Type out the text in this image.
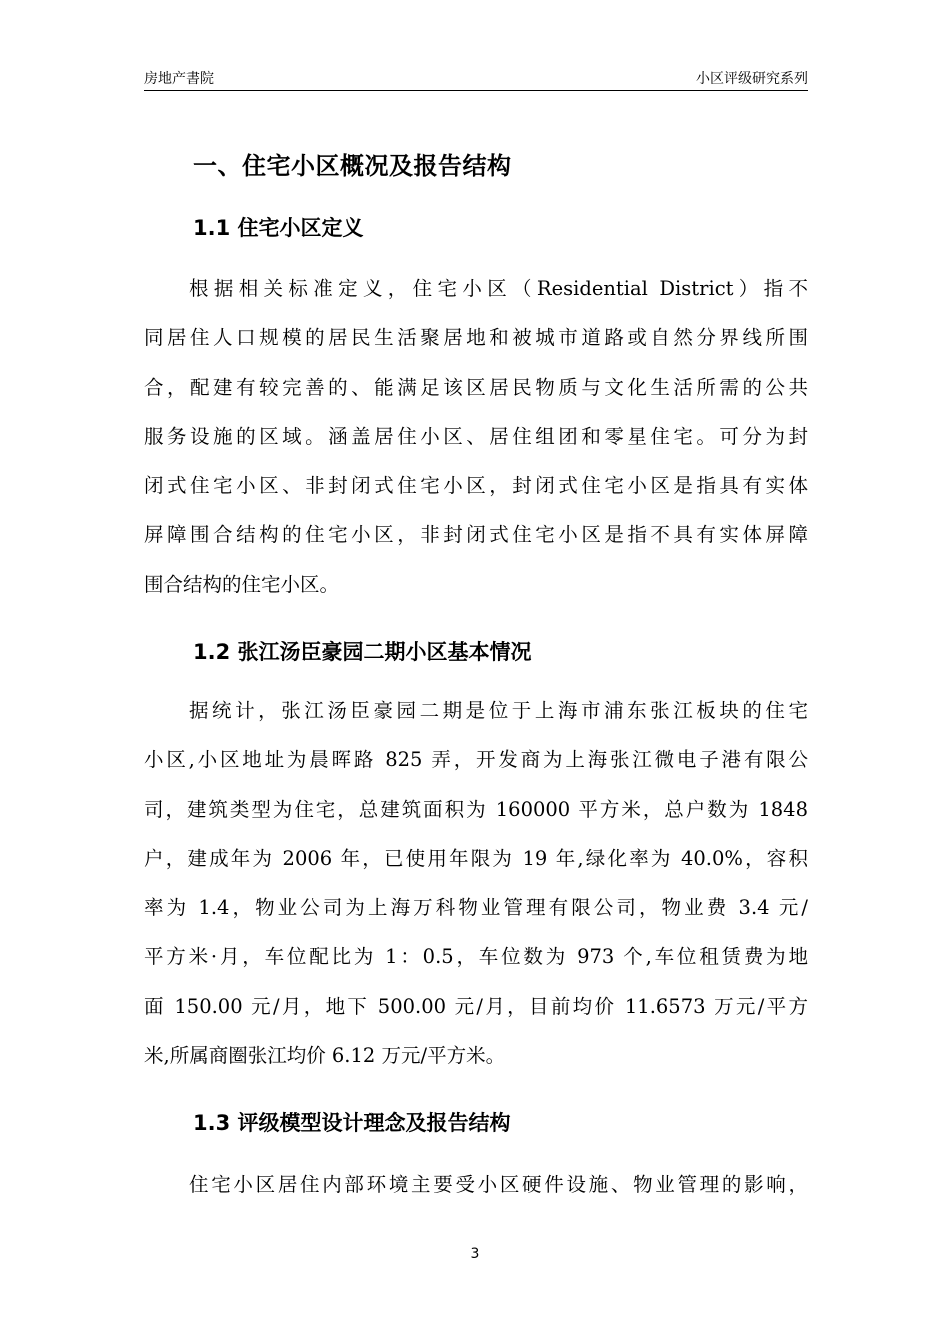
房地产書院	小区评级研究系列
一、住宅小区概况及报告结构
1.1 住宅小区定义
根据相关标准定义，住宅小区（Residential District）指不
同居住人口规模的居民生活聚居地和被城市道路或自然分界线所围
合，配建有较完善的、能满足该区居民物质与文化生活所需的公共
服务设施的区域。涵盖居住小区、居住组团和零星住宅。可分为封
闭式住宅小区、非封闭式住宅小区，封闭式住宅小区是指具有实体
屏障围合结构的住宅小区，非封闭式住宅小区是指不具有实体屏障
围合结构的住宅小区。
1.2 张江汤臣豪园二期小区基本情况
据统计，张江汤臣豪园二期是位于上海市浦东张江板块的住宅
小区,小区地址为晨晖路 825 弄，开发商为上海张江微电子港有限公
司，建筑类型为住宅，总建筑面积为 160000 平方米，总户数为 1848
户，建成年为 2006 年，已使用年限为 19 年,绿化率为 40.0%，容积
率为 1.4，物业公司为上海万科物业管理有限公司，物业费 3.4 元/
平方米·月，车位配比为 1：0.5，车位数为 973 个,车位租赁费为地
面 150.00 元/月，地下 500.00 元/月，目前均价 11.6573 万元/平方
米,所属商圈张江均价 6.12 万元/平方米。
1.3 评级模型设计理念及报告结构
住宅小区居住内部环境主要受小区硬件设施、物业管理的影响，
3
